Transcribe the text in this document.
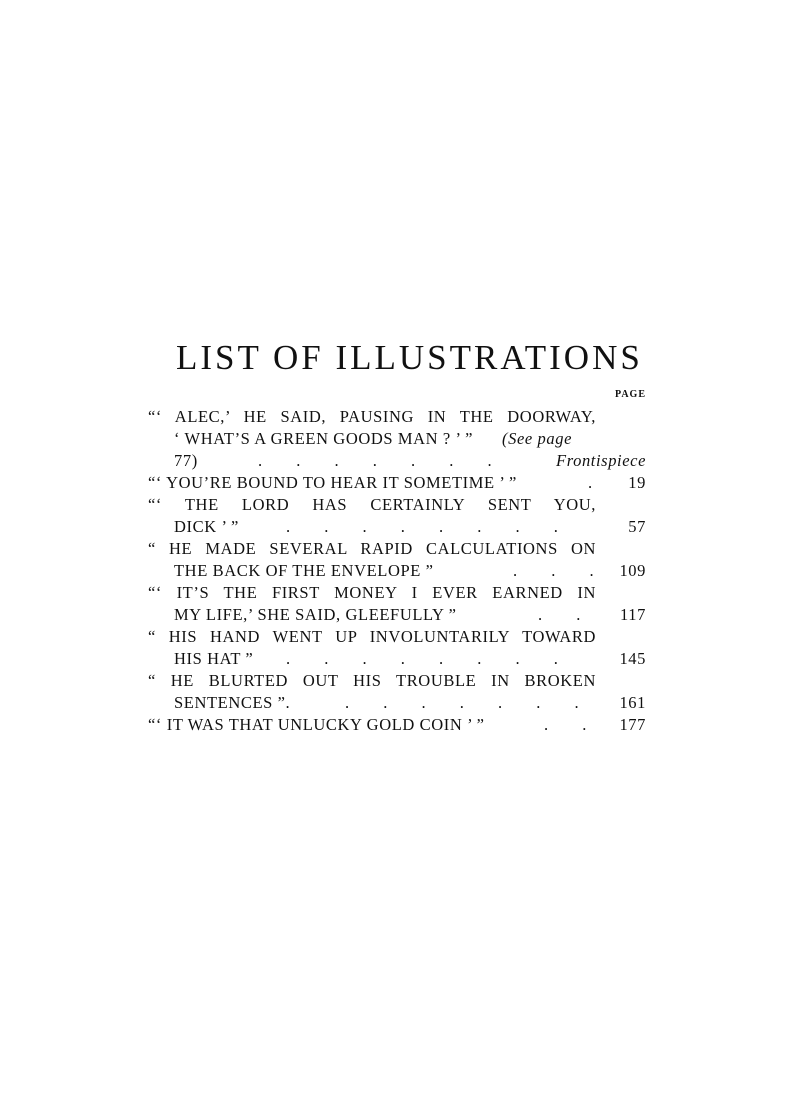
LIST OF ILLUSTRATIONS
PAGE
“‘ ALEC,’ HE SAID, PAUSING IN THE DOORWAY,
‘ WHAT’S A GREEN GOODS MAN ? ’ ” (See page
77)	. . . . . . .	Frontispiece
“‘ YOU’RE BOUND TO HEAR IT SOMETIME ’ ”	. 19
“‘ THE LORD HAS CERTAINLY SENT YOU,
DICK ’ ”	. . . . . . . .	57
“ HE MADE SEVERAL RAPID CALCULATIONS ON
THE BACK OF THE ENVELOPE ”	. . . 109
“‘ IT’S THE FIRST MONEY I EVER EARNED IN
MY LIFE,’ SHE SAID, GLEEFULLY ”	. . 117
“ HIS HAND WENT UP INVOLUNTARILY TOWARD
HIS HAT ” . . . . . . . .	145
“ HE BLURTED OUT HIS TROUBLE IN BROKEN
SENTENCES ”.	. . . . . . . 161
“‘ IT WAS THAT UNLUCKY GOLD COIN ’ ”	. . 177
